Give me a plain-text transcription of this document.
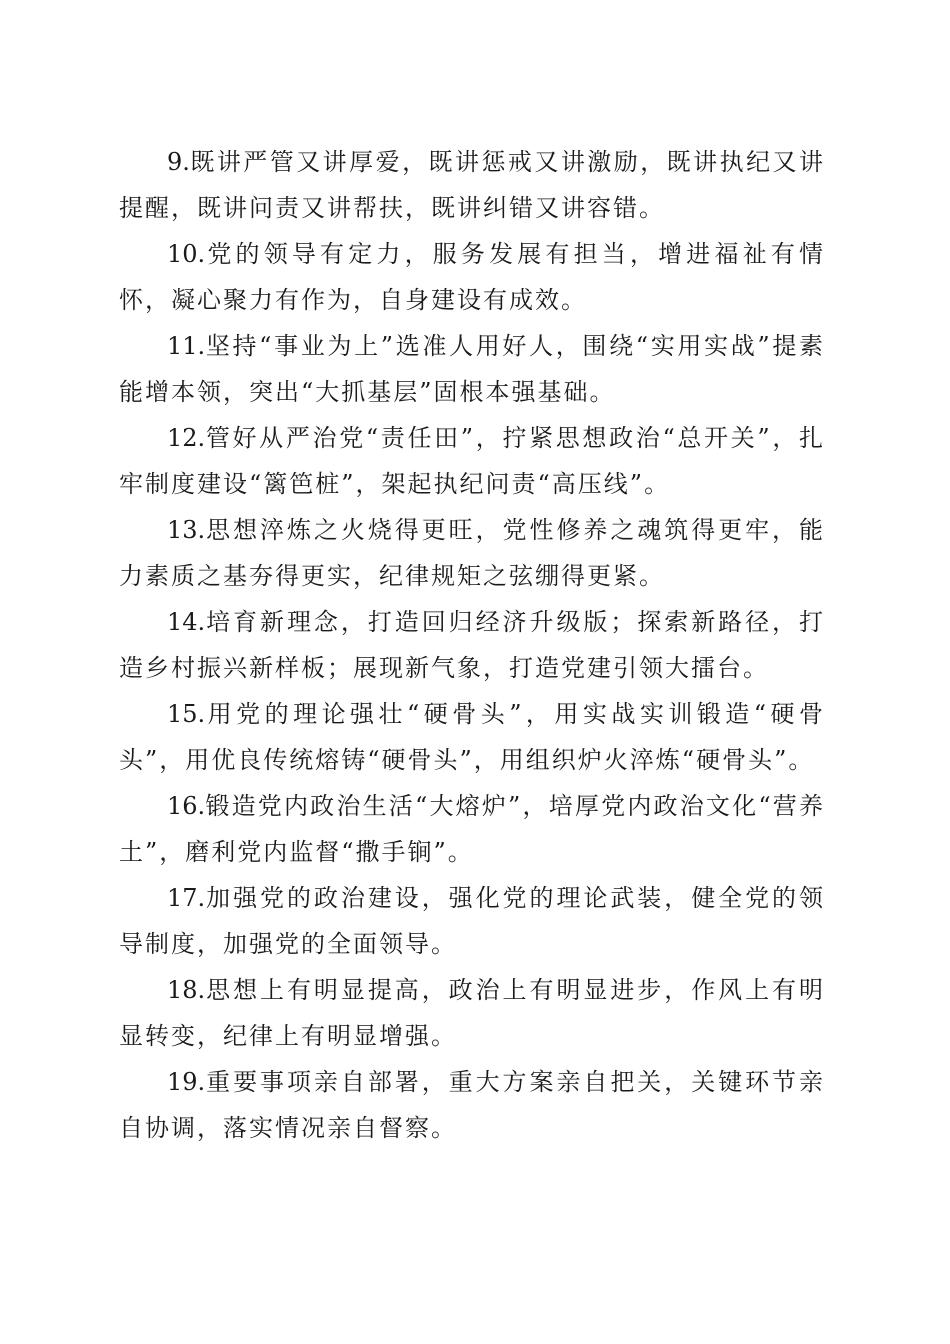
9.既讲严管又讲厚爱，既讲惩戒又讲激励，既讲执纪又讲提醒，既讲问责又讲帮扶，既讲纠错又讲容错。

10.党的领导有定力，服务发展有担当，增进福祉有情怀，凝心聚力有作为，自身建设有成效。

11.坚持“事业为上”选准人用好人，围绕“实用实战”提素能增本领，突出“大抓基层”固根本强基础。

12.管好从严治党“责任田”，拧紧思想政治“总开关”，扎牢制度建设“篱笆桩”，架起执纪问责“高压线”。

13.思想淬炼之火烧得更旺，党性修养之魂筑得更牢，能力素质之基夯得更实，纪律规矩之弦绷得更紧。

14.培育新理念，打造回归经济升级版；探索新路径，打造乡村振兴新样板；展现新气象，打造党建引领大擂台。

15.用党的理论强壮“硬骨头”，用实战实训锻造“硬骨头”，用优良传统熔铸“硬骨头”，用组织炉火淬炼“硬骨头”。

16.锻造党内政治生活“大熔炉”，培厚党内政治文化“营养土”，磨利党内监督“撒手锏”。

17.加强党的政治建设，强化党的理论武装，健全党的领导制度，加强党的全面领导。

18.思想上有明显提高，政治上有明显进步，作风上有明显转变，纪律上有明显增强。

19.重要事项亲自部署，重大方案亲自把关，关键环节亲自协调，落实情况亲自督察。
